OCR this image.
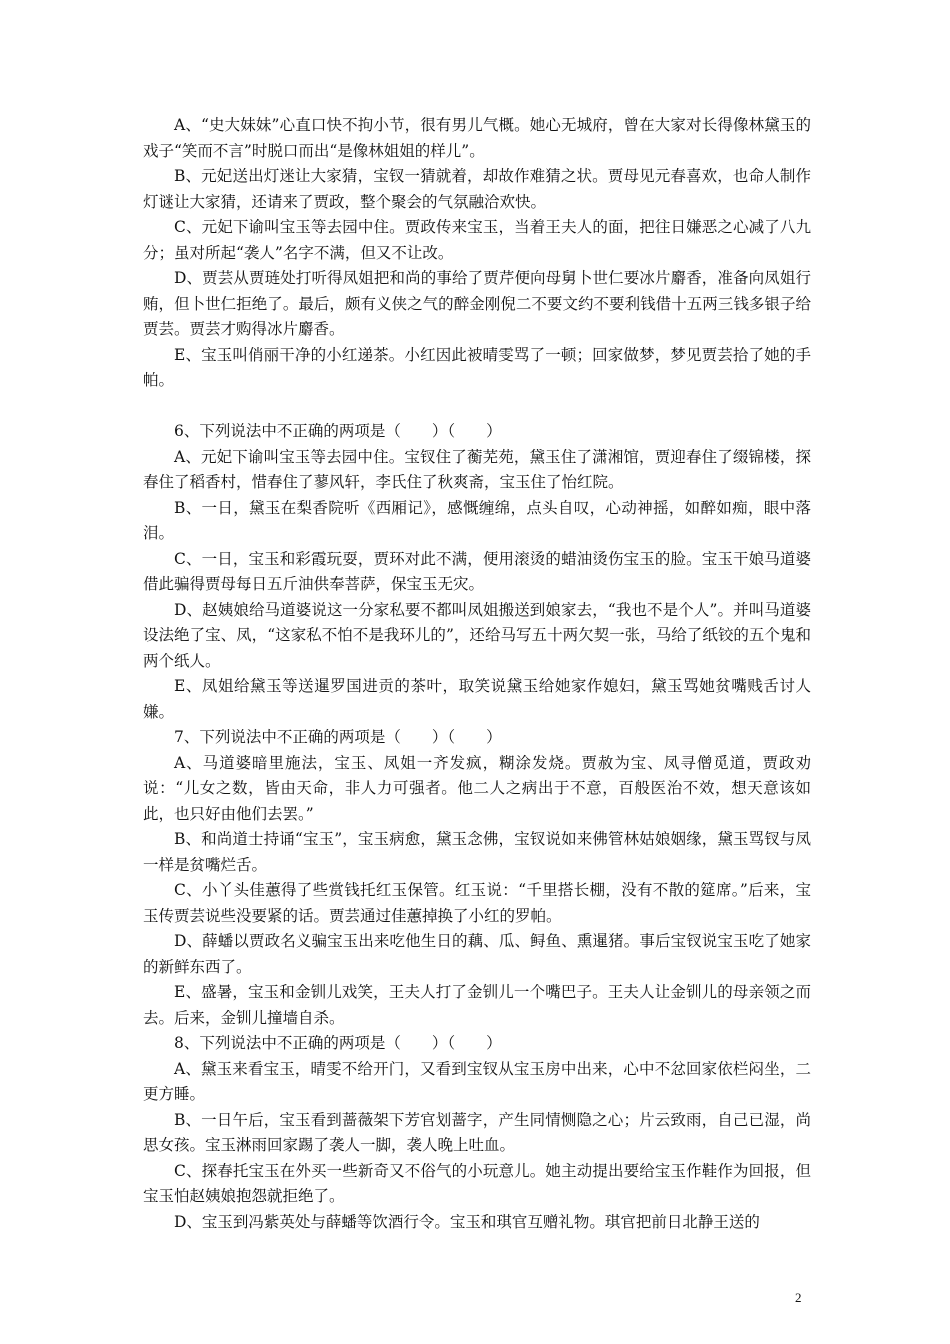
A、“史大妹妹”心直口快不拘小节，很有男儿气概。她心无城府，曾在大家对长得像林黛玉的戏子“笑而不言”时脱口而出“是像林姐姐的样儿”。

B、元妃送出灯迷让大家猜，宝钗一猜就着，却故作难猜之状。贾母见元春喜欢，也命人制作灯谜让大家猜，还请来了贾政，整个聚会的气氛融洽欢快。

C、元妃下谕叫宝玉等去园中住。贾政传来宝玉，当着王夫人的面，把往日嫌恶之心减了八九分；虽对所起“袭人”名字不满，但又不让改。

D、贾芸从贾琏处打听得凤姐把和尚的事给了贾芹便向母舅卜世仁要冰片麝香，准备向凤姐行贿，但卜世仁拒绝了。最后，颇有义侠之气的醉金刚倪二不要文约不要利钱借十五两三钱多银子给贾芸。贾芸才购得冰片麝香。

E、宝玉叫俏丽干净的小红递茶。小红因此被晴雯骂了一顿；回家做梦，梦见贾芸拾了她的手帕。

6、下列说法中不正确的两项是（　　）（　　）

A、元妃下谕叫宝玉等去园中住。宝钗住了蘅芜苑，黛玉住了潇湘馆，贾迎春住了缀锦楼，探春住了稻香村，惜春住了蓼风轩，李氏住了秋爽斋，宝玉住了怡红院。

B、一日，黛玉在梨香院听《西厢记》，感慨缠绵，点头自叹，心动神摇，如醉如痴，眼中落泪。

C、一日，宝玉和彩霞玩耍，贾环对此不满，便用滚烫的蜡油烫伤宝玉的脸。宝玉干娘马道婆借此骗得贾母每日五斤油供奉菩萨，保宝玉无灾。

D、赵姨娘给马道婆说这一分家私要不都叫凤姐搬送到娘家去，“我也不是个人”。并叫马道婆设法绝了宝、凤，“这家私不怕不是我环儿的”，还给马写五十两欠契一张，马给了纸铰的五个鬼和两个纸人。

E、凤姐给黛玉等送暹罗国进贡的茶叶，取笑说黛玉给她家作媳妇，黛玉骂她贫嘴贱舌讨人嫌。

7、下列说法中不正确的两项是（　　）（　　）

A、马道婆暗里施法，宝玉、凤姐一齐发疯，糊涂发烧。贾赦为宝、凤寻僧觅道，贾政劝说：“儿女之数，皆由天命，非人力可强者。他二人之病出于不意，百般医治不效，想天意该如此，也只好由他们去罢。”

B、和尚道士持诵“宝玉”，宝玉病愈，黛玉念佛，宝钗说如来佛管林姑娘姻缘，黛玉骂钗与凤一样是贫嘴烂舌。

C、小丫头佳蕙得了些赏钱托红玉保管。红玉说：“千里搭长棚，没有不散的筵席。”后来，宝玉传贾芸说些没要紧的话。贾芸通过佳蕙掉换了小红的罗帕。

D、薛蟠以贾政名义骗宝玉出来吃他生日的藕、瓜、鲟鱼、熏暹猪。事后宝钗说宝玉吃了她家的新鲜东西了。

E、盛暑，宝玉和金钏儿戏笑，王夫人打了金钏儿一个嘴巴子。王夫人让金钏儿的母亲领之而去。后来，金钏儿撞墙自杀。

8、下列说法中不正确的两项是（　　）（　　）

A、黛玉来看宝玉，晴雯不给开门，又看到宝钗从宝玉房中出来，心中不忿回家依栏闷坐，二更方睡。

B、一日午后，宝玉看到蔷薇架下芳官划蔷字，产生同情恻隐之心；片云致雨，自己已湿，尚思女孩。宝玉淋雨回家踢了袭人一脚，袭人晚上吐血。

C、探春托宝玉在外买一些新奇又不俗气的小玩意儿。她主动提出要给宝玉作鞋作为回报，但宝玉怕赵姨娘抱怨就拒绝了。

D、宝玉到冯紫英处与薛蟠等饮酒行令。宝玉和琪官互赠礼物。琪官把前日北静王送的

2
